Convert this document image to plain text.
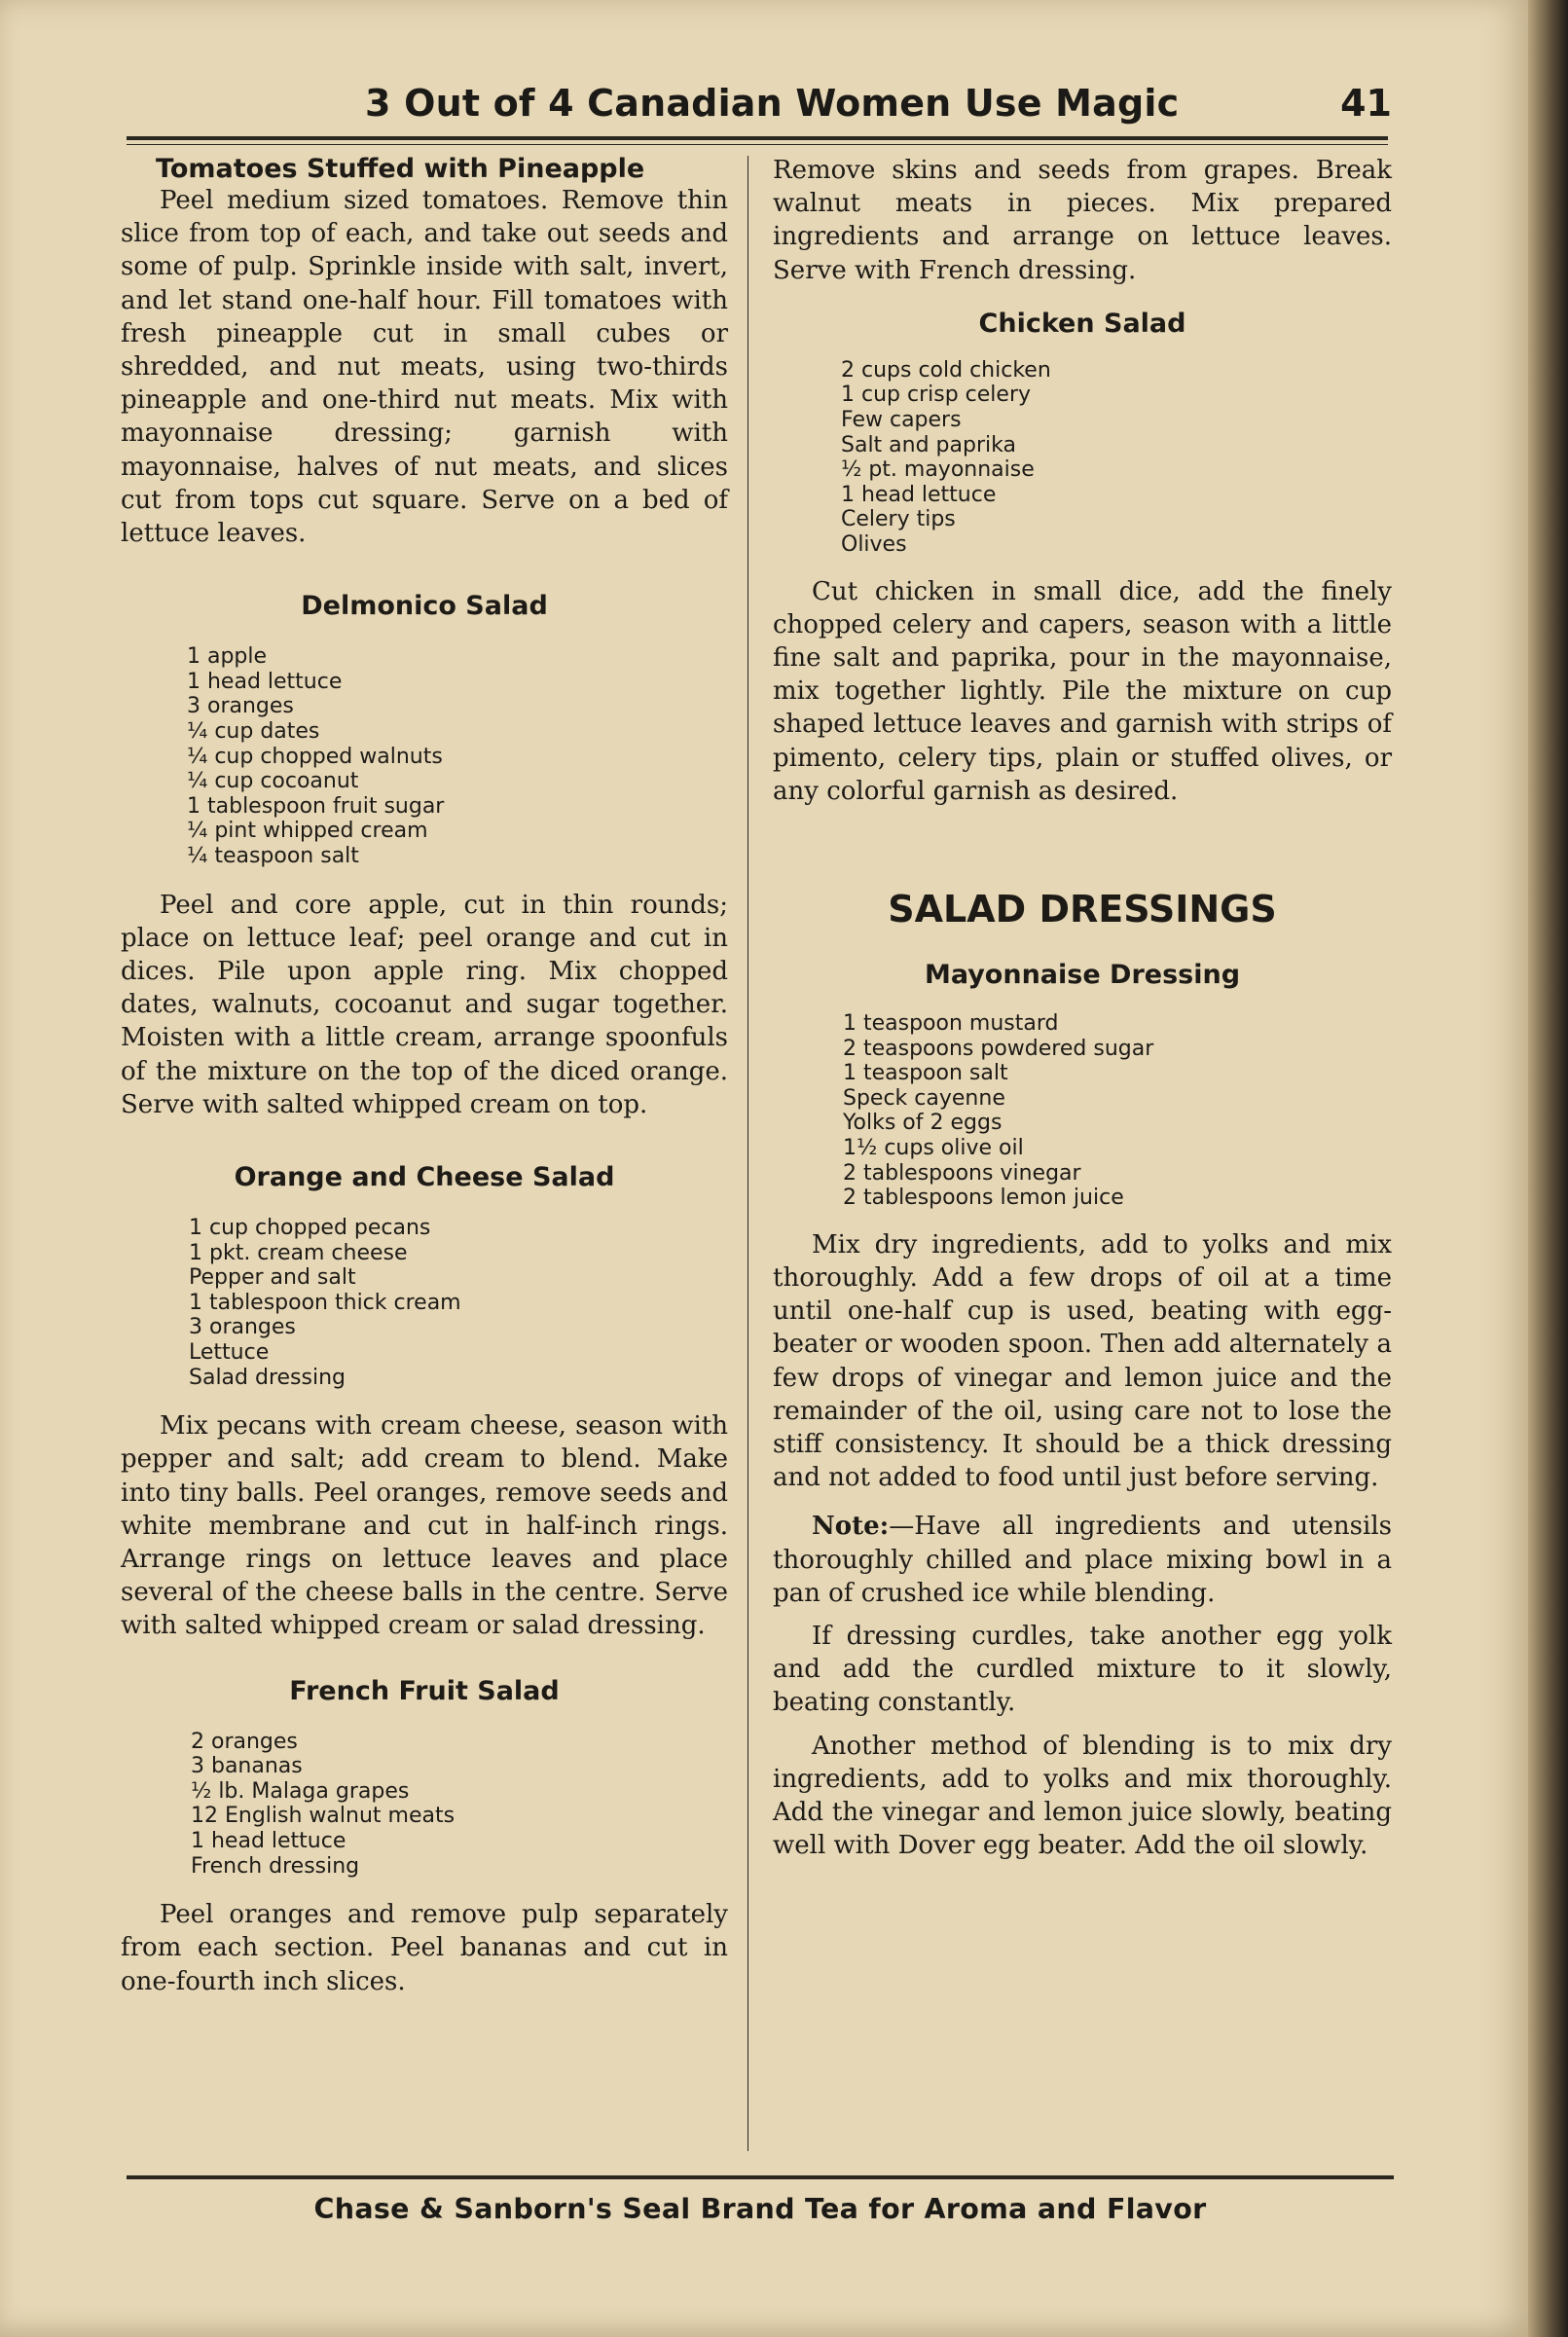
3 Out of 4 Canadian Women Use Magic	41
Tomatoes Stuffed with Pineapple

Peel medium sized tomatoes. Remove thin slice from top of each, and take out seeds and some of pulp. Sprinkle inside with salt, invert, and let stand one-half hour. Fill tomatoes with fresh pineapple cut in small cubes or shredded, and nut meats, using two-thirds pineapple and one-third nut meats. Mix with mayonnaise dressing; garnish with mayonnaise, halves of nut meats, and slices cut from tops cut square. Serve on a bed of lettuce leaves.

Delmonico Salad
1 apple
1 head lettuce
3 oranges
¼ cup dates
¼ cup chopped walnuts
¼ cup cocoanut
1 tablespoon fruit sugar
¼ pint whipped cream
¼ teaspoon salt

Peel and core apple, cut in thin rounds; place on lettuce leaf; peel orange and cut in dices. Pile upon apple ring. Mix chopped dates, walnuts, cocoanut and sugar together. Moisten with a little cream, arrange spoonfuls of the mixture on the top of the diced orange. Serve with salted whipped cream on top.

Orange and Cheese Salad
1 cup chopped pecans
1 pkt. cream cheese
Pepper and salt
1 tablespoon thick cream
3 oranges
Lettuce
Salad dressing

Mix pecans with cream cheese, season with pepper and salt; add cream to blend. Make into tiny balls. Peel oranges, remove seeds and white membrane and cut in half-inch rings. Arrange rings on lettuce leaves and place several of the cheese balls in the centre. Serve with salted whipped cream or salad dressing.

French Fruit Salad
2 oranges
3 bananas
½ lb. Malaga grapes
12 English walnut meats
1 head lettuce
French dressing

Peel oranges and remove pulp separately from each section. Peel bananas and cut in one-fourth inch slices.

Remove skins and seeds from grapes. Break walnut meats in pieces. Mix prepared ingredients and arrange on lettuce leaves. Serve with French dressing.

Chicken Salad
2 cups cold chicken
1 cup crisp celery
Few capers
Salt and paprika
½ pt. mayonnaise
1 head lettuce
Celery tips
Olives

Cut chicken in small dice, add the finely chopped celery and capers, season with a little fine salt and paprika, pour in the mayonnaise, mix together lightly. Pile the mixture on cup shaped lettuce leaves and garnish with strips of pimento, celery tips, plain or stuffed olives, or any colorful garnish as desired.

SALAD DRESSINGS
Mayonnaise Dressing
1 teaspoon mustard
2 teaspoons powdered sugar
1 teaspoon salt
Speck cayenne
Yolks of 2 eggs
1½ cups olive oil
2 tablespoons vinegar
2 tablespoons lemon juice

Mix dry ingredients, add to yolks and mix thoroughly. Add a few drops of oil at a time until one-half cup is used, beating with egg-beater or wooden spoon. Then add alternately a few drops of vinegar and lemon juice and the remainder of the oil, using care not to lose the stiff consistency. It should be a thick dressing and not added to food until just before serving.

Note:—Have all ingredients and utensils thoroughly chilled and place mixing bowl in a pan of crushed ice while blending.

If dressing curdles, take another egg yolk and add the curdled mixture to it slowly, beating constantly.

Another method of blending is to mix dry ingredients, add to yolks and mix thoroughly. Add the vinegar and lemon juice slowly, beating well with Dover egg beater. Add the oil slowly.

Chase & Sanborn's Seal Brand Tea for Aroma and Flavor
